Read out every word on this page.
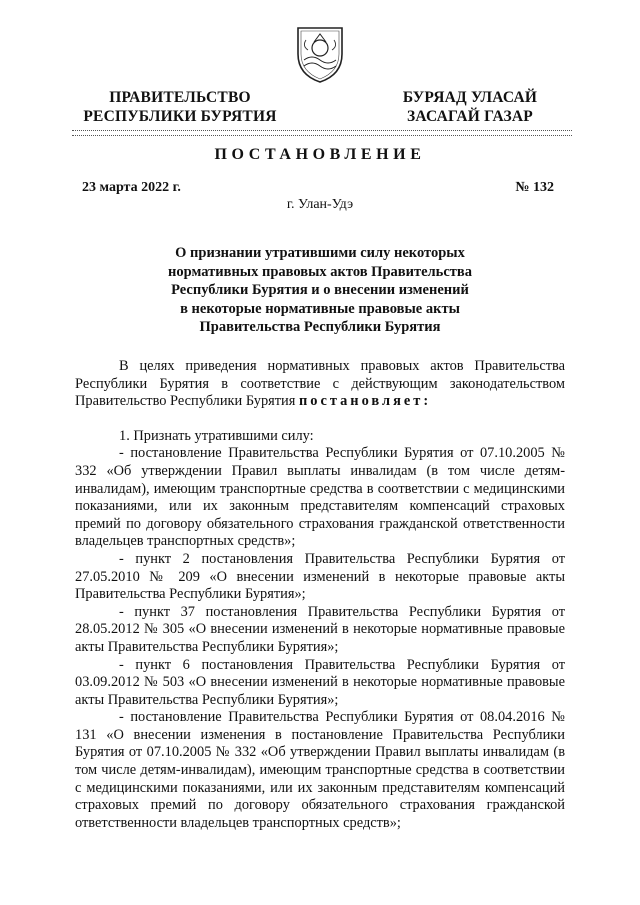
ПРАВИТЕЛЬСТВО
РЕСПУБЛИКИ БУРЯТИЯ
БУРЯАД УЛАСАЙ
ЗАСАГАЙ ГАЗАР
ПОСТАНОВЛЕНИЕ
23 марта 2022 г.	№ 132
г. Улан-Удэ
О признании утратившими силу некоторых
нормативных правовых актов Правительства
Республики Бурятия и о внесении изменений
в некоторые нормативные правовые акты
Правительства Республики Бурятия

В целях приведения нормативных правовых актов Правительства Республики Бурятия в соответствие с действующим законодательством Правительство Республики Бурятия постановляет:

1. Признать утратившими силу:

- постановление Правительства Республики Бурятия от 07.10.2005 № 332 «Об утверждении Правил выплаты инвалидам (в том числе детям-инвалидам), имеющим транспортные средства в соответствии с медицинскими показаниями, или их законным представителям компенсаций страховых премий по договору обязательного страхования гражданской ответственности владельцев транспортных средств»;

- пункт 2 постановления Правительства Республики Бурятия от 27.05.2010 № 209 «О внесении изменений в некоторые правовые акты Правительства Республики Бурятия»;

- пункт 37 постановления Правительства Республики Бурятия от 28.05.2012 № 305 «О внесении изменений в некоторые нормативные правовые акты Правительства Республики Бурятия»;

- пункт 6 постановления Правительства Республики Бурятия от 03.09.2012 № 503 «О внесении изменений в некоторые нормативные правовые акты Правительства Республики Бурятия»;

- постановление Правительства Республики Бурятия от 08.04.2016 № 131 «О внесении изменения в постановление Правительства Республики Бурятия от 07.10.2005 № 332 «Об утверждении Правил выплаты инвалидам (в том числе детям-инвалидам), имеющим транспортные средства в соответствии с медицинскими показаниями, или их законным представителям компенсаций страховых премий по договору обязательного страхования гражданской ответственности владельцев транспортных средств»;
